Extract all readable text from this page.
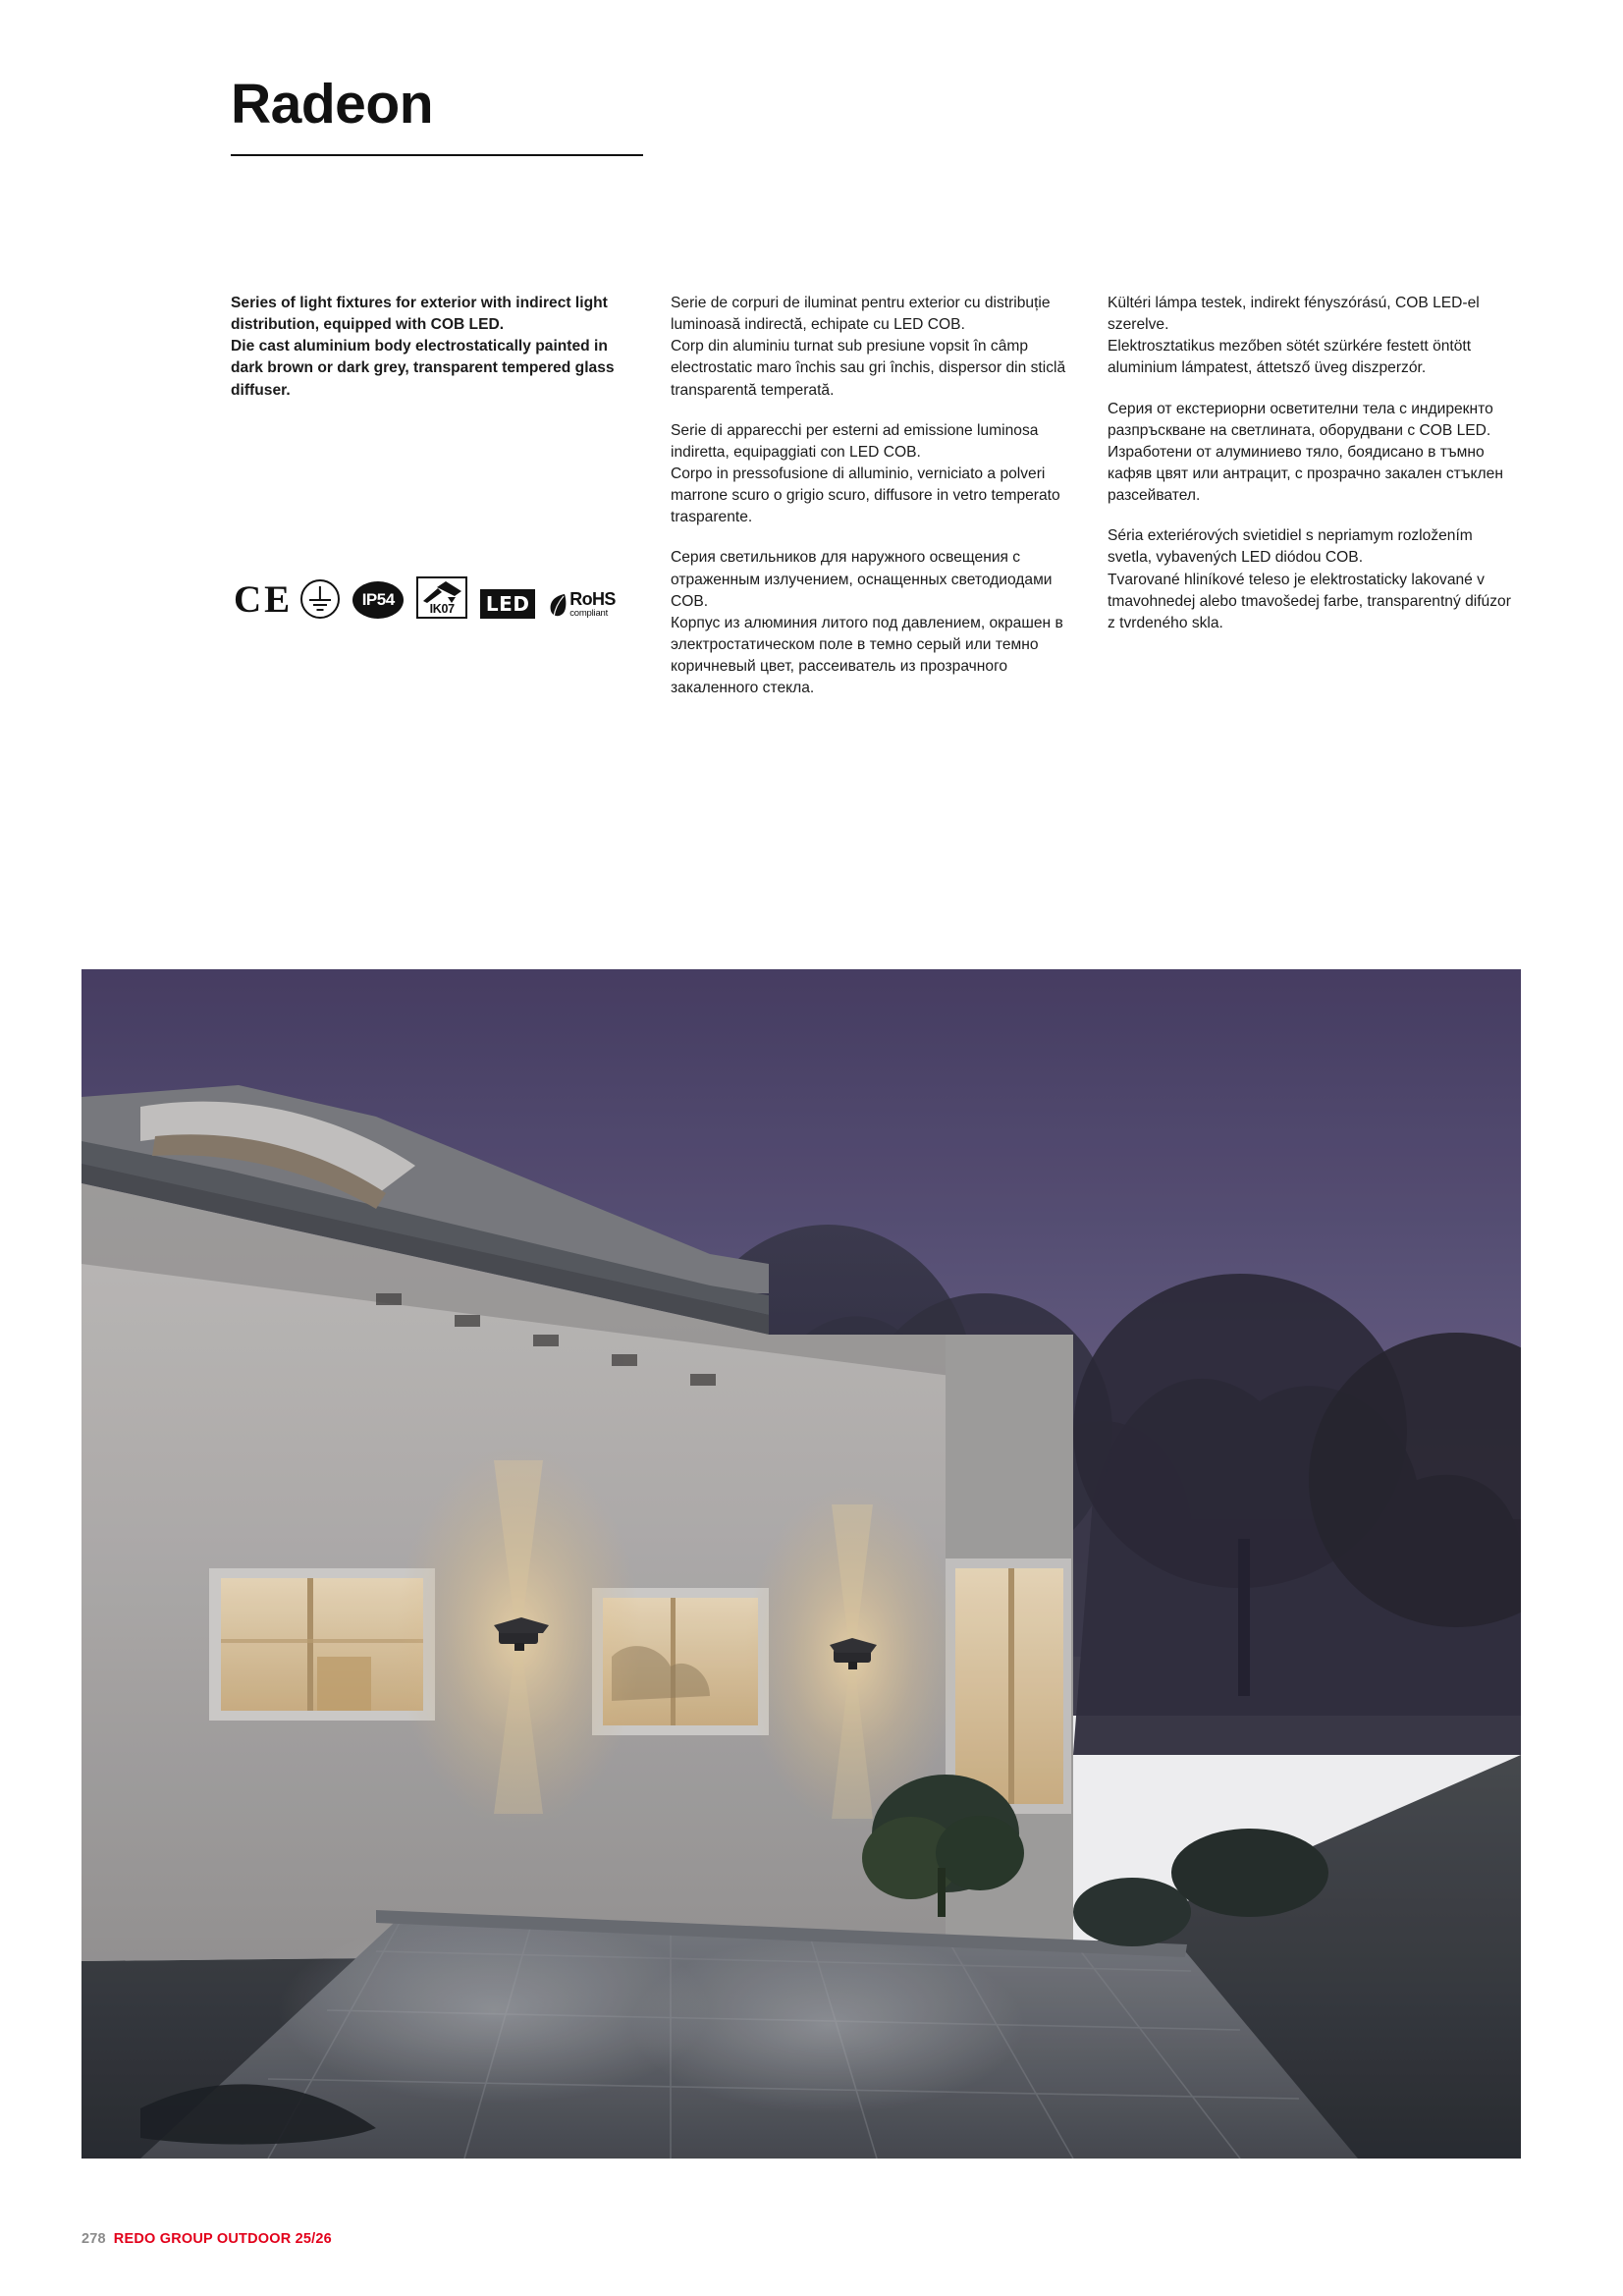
Radeon

Series of light fixtures for exterior with indirect light distribution, equipped with COB LED.

Die cast aluminium body electrostatically painted in dark brown or dark grey, transparent tempered glass diffuser.

Serie de corpuri de iluminat pentru exterior cu distribuție luminoasă indirectă, echipate cu LED COB.

Corp din aluminiu turnat sub presiune vopsit în câmp electrostatic maro închis sau gri închis, dispersor din sticlă transparentă temperată.

Serie di apparecchi per esterni ad emissione luminosa indiretta, equipaggiati con LED COB.

Corpo in pressofusione di alluminio, verniciato a polveri marrone scuro o grigio scuro, diffusore in vetro temperato trasparente.

Серия светильников для наружного освещения с отраженным излучением, оснащенных светодиодами COB.

Корпус из алюминия литого под давлением, окрашен в электростатическом поле в темно серый или темно коричневый цвет, рассеиватель из прозрачного закаленного стекла.

Kültéri lámpa testek, indirekt fényszórású, COB LED-el szerelve.

Elektrosztatikus mezőben sötét szürkére festett öntött aluminium lámpatest, áttetsző üveg diszperzór.

Серия от екстериорни осветителни тела с индирекнто разпръскване на светлината, оборудвани с COB LED.

Изработени от алуминиево тяло, боядисано в тъмно кафяв цвят или антрацит, с прозрачно закален стъклен разсейвател.

Séria exteriérových svietidiel s nepriamym rozložením svetla, vybavených LED diódou COB.

Tvarované hliníkové teleso je elektrostaticky lakované v tmavohnedej alebo tmavošedej farbe, transparentný difúzor z tvrdeného skla.

C E	IP54	IK07	LED	RoHS
compliant
278 REDO GROUP OUTDOOR 25/26
